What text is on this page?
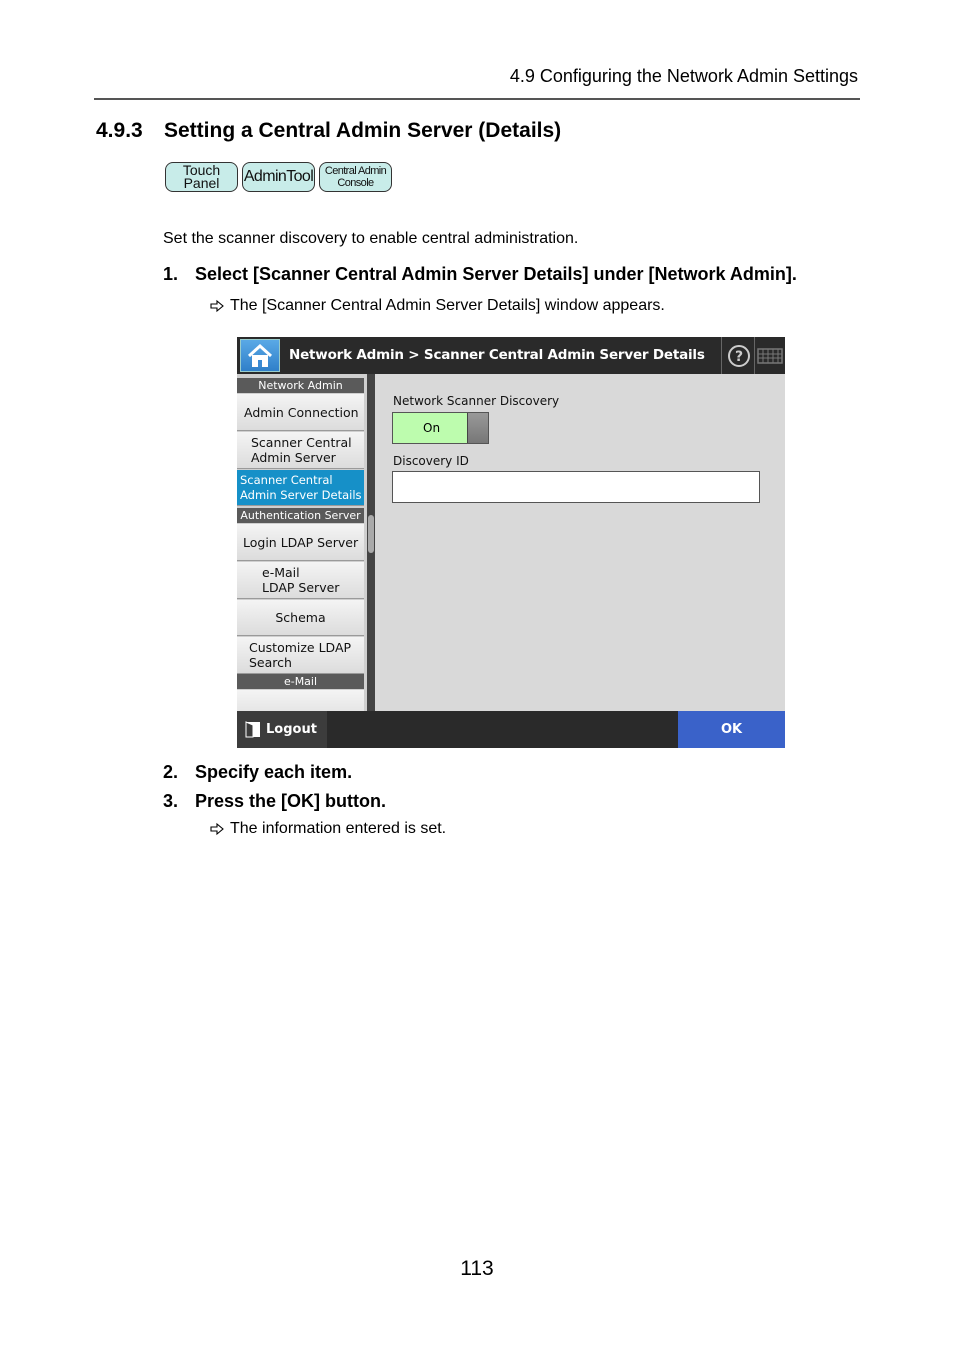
4.9 Configuring the Network Admin Settings
4.9.3 Setting a Central Admin Server (Details)
Touch
Panel AdminTool Central Admin
Console
Set the scanner discovery to enable central administration.
1. Select [Scanner Central Admin Server Details] under [Network Admin].
The [Scanner Central Admin Server Details] window appears.
Network Admin > Scanner Central Admin Server Details ?
Network Admin
Admin Connection
Scanner Central
Admin Server
Scanner Central
Admin Server Details
Authentication Server
Login LDAP Server
e-Mail
LDAP Server
Schema
Customize LDAP
Search
e-Mail
Network Scanner Discovery
On
Discovery ID
Logout	OK
2. Specify each item.
3. Press the [OK] button.
The information entered is set.
113
